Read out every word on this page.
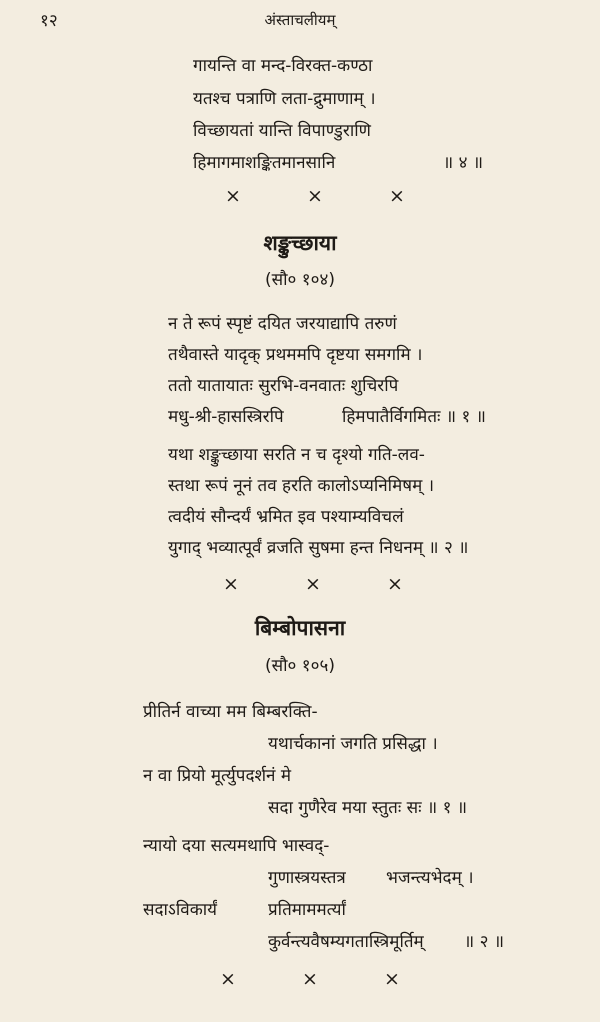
१२	अंस्ताचलीयम्
गायन्ति वा मन्द-विरक्त-कण्ठा
यतश्च पत्राणि लता-द्रुमाणाम् ।
विच्छायतां यान्ति विपाण्डुराणि
हिमागमाशङ्कितमानसानि	॥ ४ ॥
×	×	×
शङ्कुच्छाया
(सौ० १०४)
न ते रूपं स्पृष्टं दयित जरयाद्यापि तरुणं
तथैवास्ते यादृक् प्रथममपि दृष्टया समगमि ।
ततो यातायातः सुरभि-वनवातः शुचिरपि
मधु-श्री-हासस्त्रिरपि	हिमपातैर्विगमितः ॥ १ ॥
यथा शङ्कुच्छाया सरति न च दृश्यो गति-लव-
स्तथा रूपं नूनं तव हरति कालोऽप्यनिमिषम् ।
त्वदीयं सौन्दर्यं भ्रमित इव पश्याम्यविचलं
युगाद् भव्यात्पूर्वं व्रजति सुषमा हन्त निधनम् ॥ २ ॥
×	×	×
बिम्बोपासना
(सौ० १०५)
प्रीतिर्न वाच्या मम बिम्बरक्ति-
यथार्चकानां जगति प्रसिद्धा ।
न वा प्रियो मूर्त्युपदर्शनं मे
सदा गुणैरेव मया स्तुतः सः ॥ १ ॥
न्यायो दया सत्यमथापि भास्वद्-
गुणास्त्रयस्तत्र भजन्त्यभेदम् ।
सदाऽविकार्यं	प्रतिमाममर्त्यां
कुर्वन्त्यवैषम्यगतास्त्रिमूर्तिम् ॥ २ ॥
×	×	×
